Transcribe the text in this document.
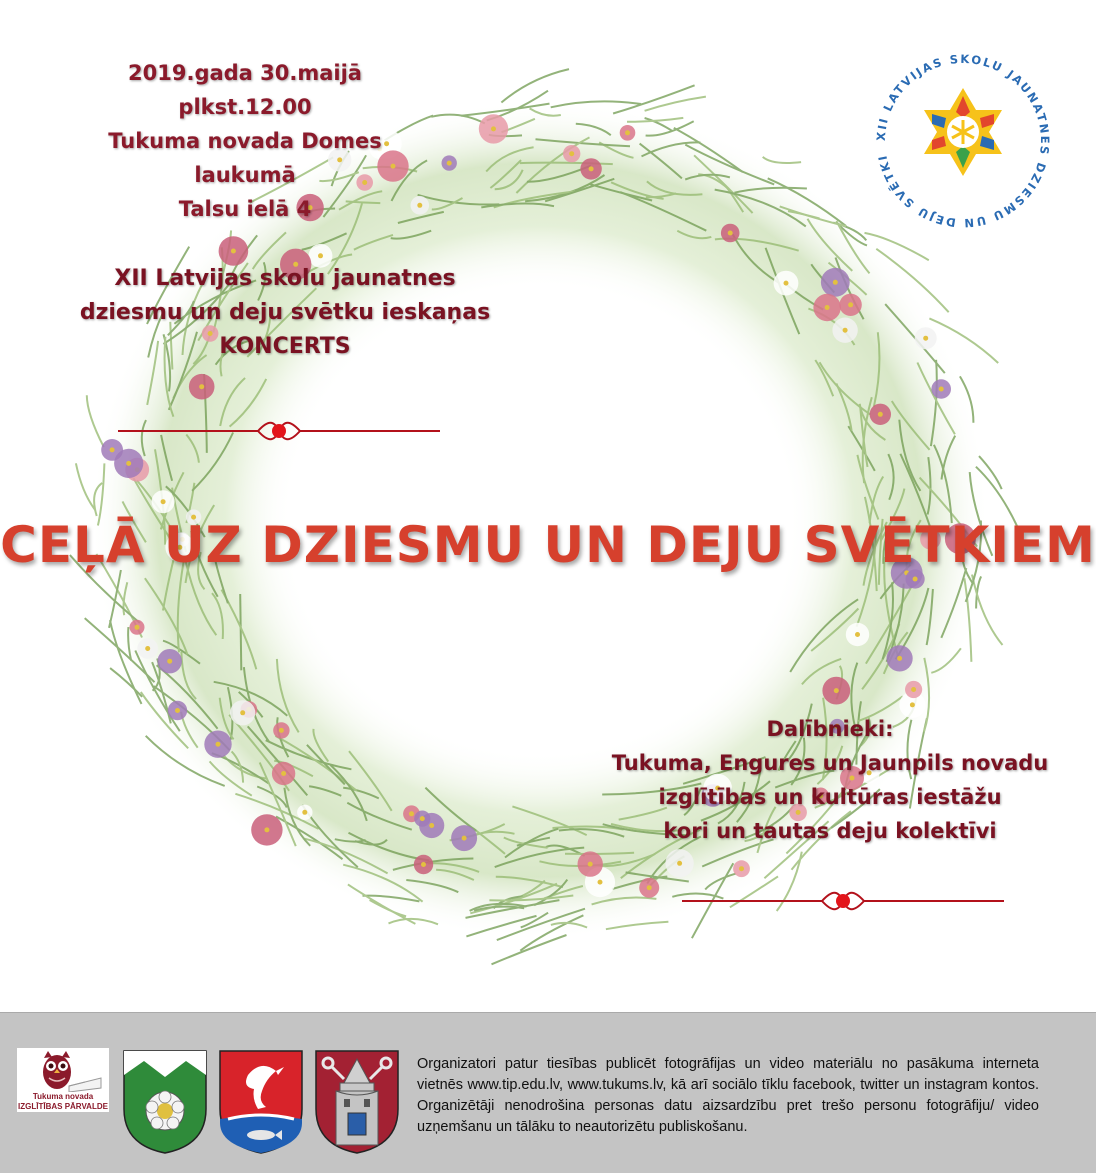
2019.gada 30.maijā
plkst.12.00
Tukuma novada Domes laukumā
Talsu ielā 4
XII Latvijas skolu jaunatnes
dziesmu un deju svētku ieskaņas
KONCERTS
CEĻĀ UZ DZIESMU UN DEJU SVĒTKIEM
Dalībnieki:
Tukuma, Engures un Jaunpils novadu
izglītības un kultūras iestāžu
kori un tautas deju kolektīvi
XII LATVIJAS SKOLU JAUNATNES DZIESMU UN DEJU SVĒTKI
Tukuma novada
IZGLĪTĪBAS PĀRVALDE
Organizatori patur tiesības publicēt fotogrāfijas un video materiālu no pasākuma interneta vietnēs www.tip.edu.lv, www.tukums.lv, kā arī sociālo tīklu facebook, twitter un instagram kontos. Organizētāji nenodrošina personas datu aizsardzību pret trešo personu fotogrāfiju/ video uzņemšanu un tālāku to neautorizētu publiskošanu.
